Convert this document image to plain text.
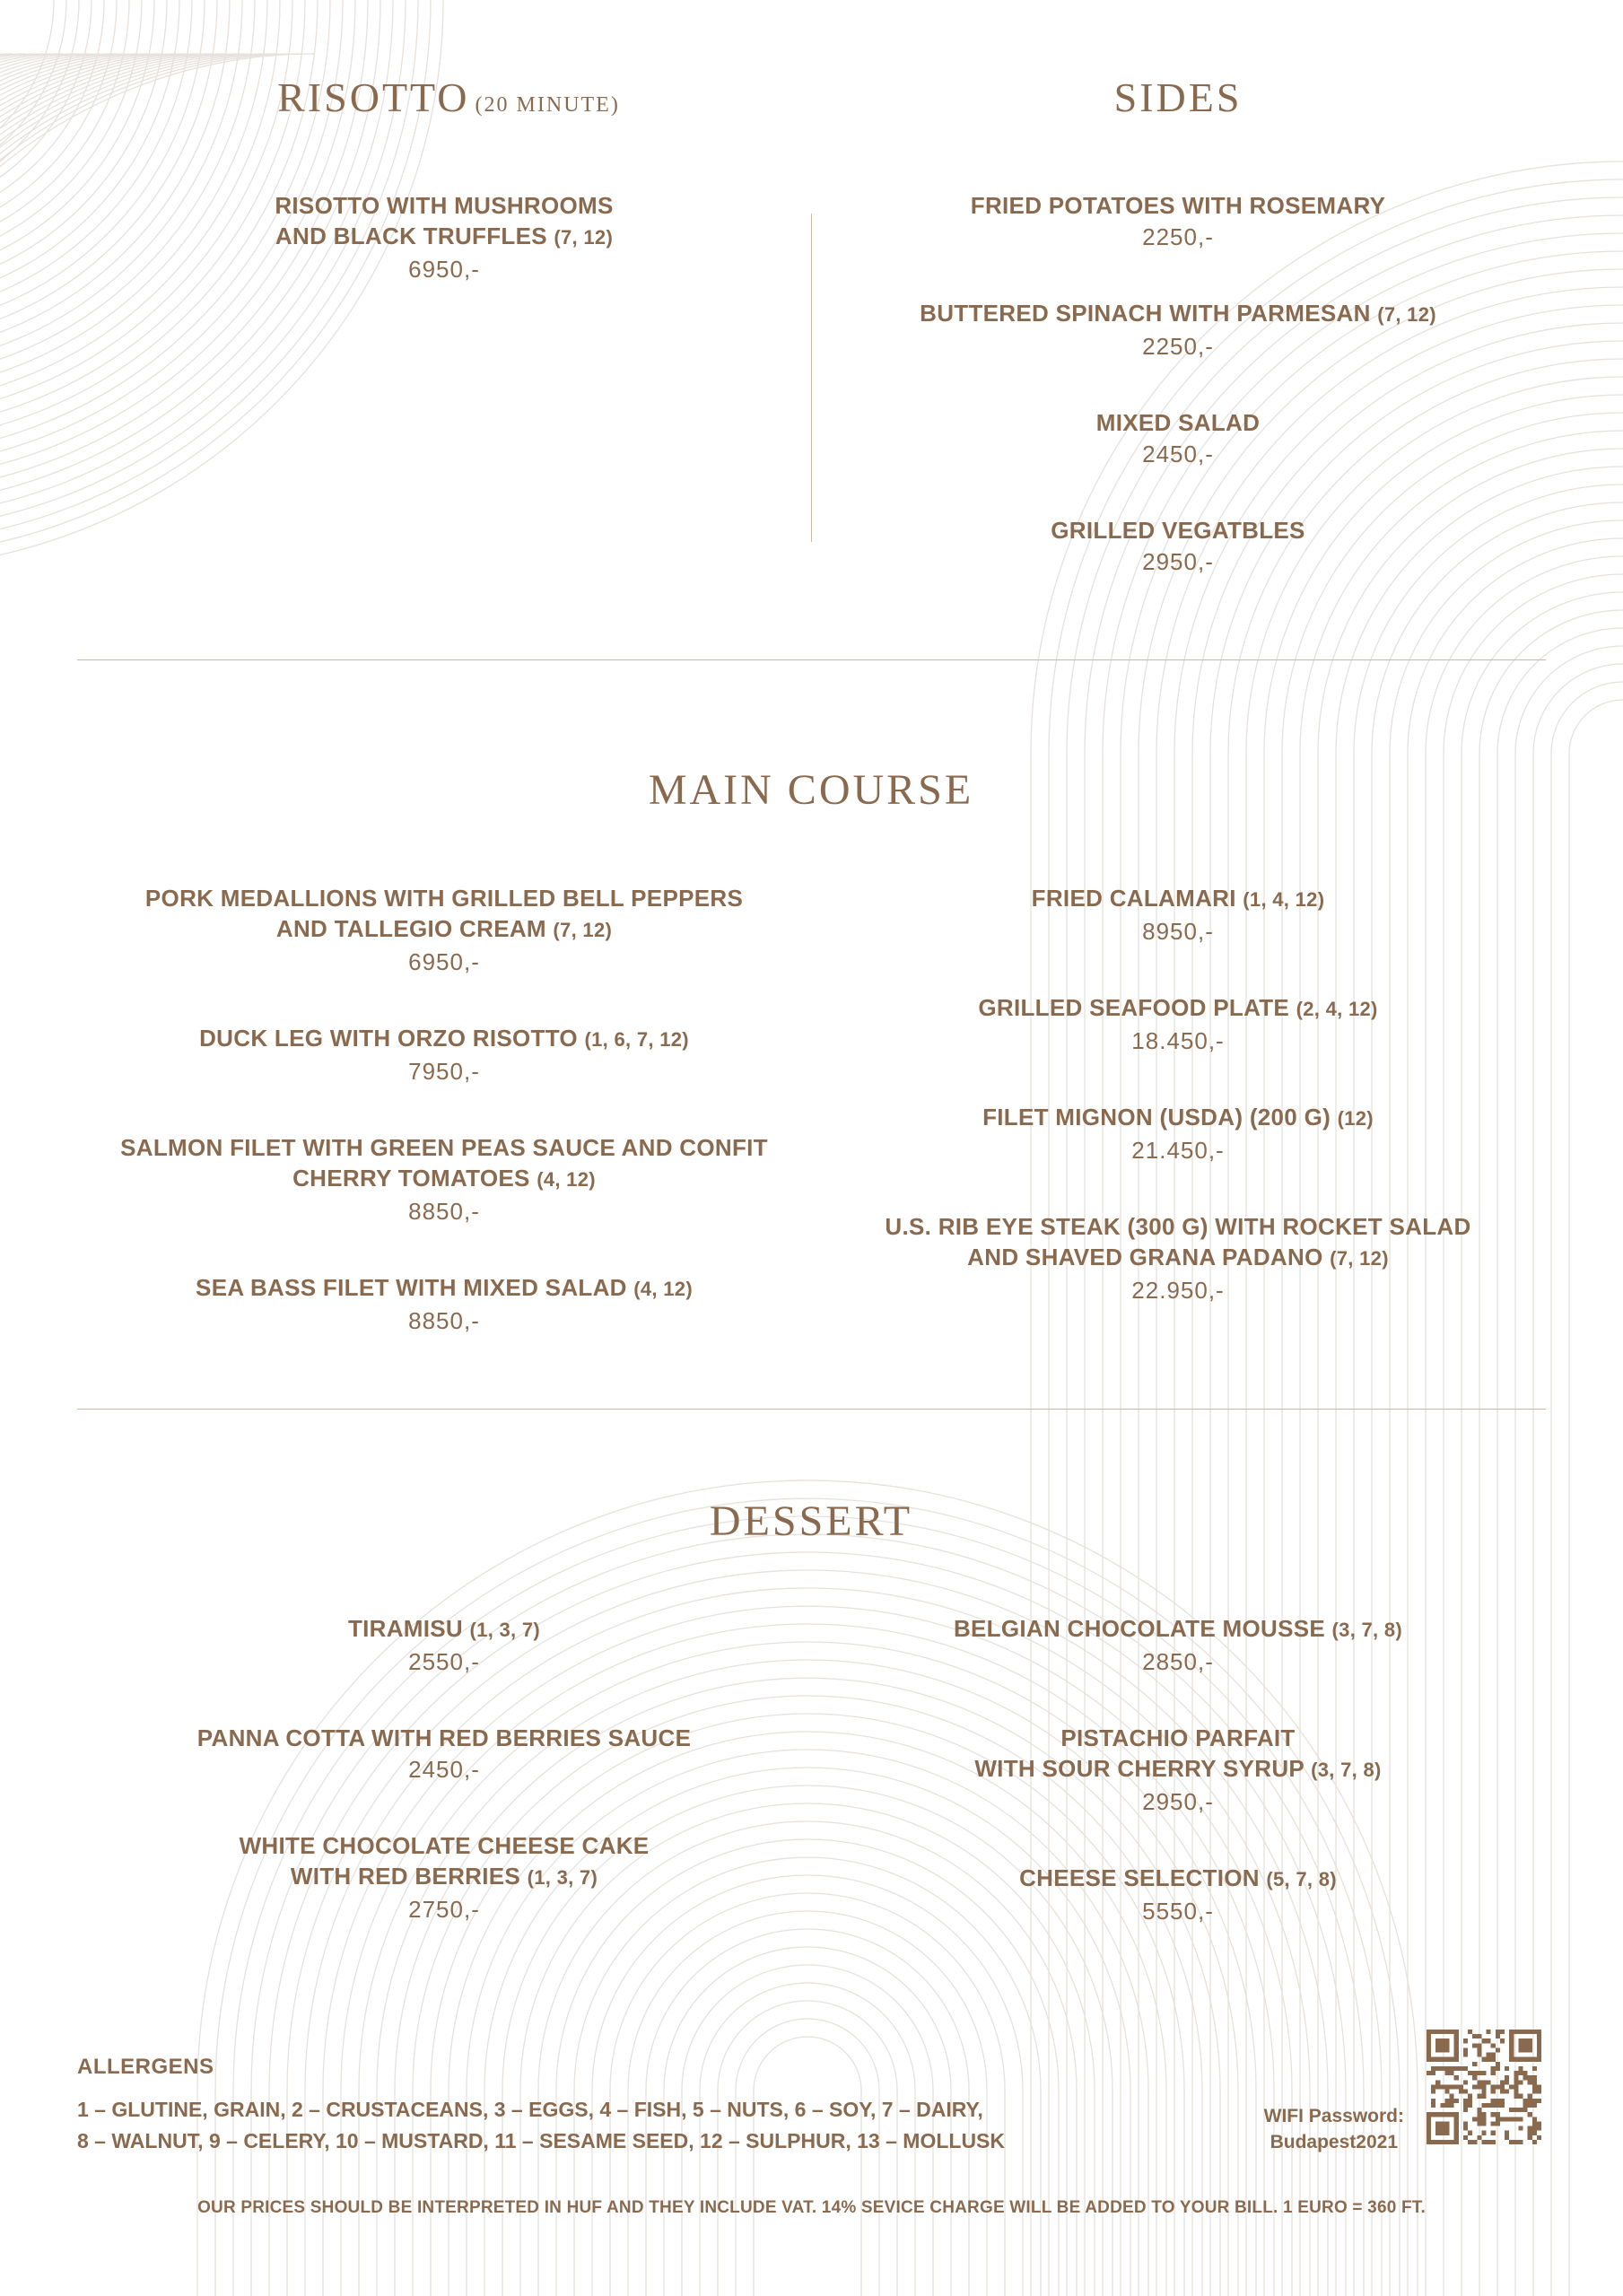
RISOTTO (20 MINUTE)
RISOTTO WITH MUSHROOMS
AND BLACK TRUFFLES (7, 12)
6950,-
SIDES
FRIED POTATOES WITH ROSEMARY
2250,-
BUTTERED SPINACH WITH PARMESAN (7, 12)
2250,-
MIXED SALAD
2450,-
GRILLED VEGATBLES
2950,-
MAIN COURSE
PORK MEDALLIONS WITH GRILLED BELL PEPPERS
AND TALLEGIO CREAM (7, 12)
6950,-
DUCK LEG WITH ORZO RISOTTO (1, 6, 7, 12)
7950,-
SALMON FILET WITH GREEN PEAS SAUCE AND CONFIT
CHERRY TOMATOES (4, 12)
8850,-
SEA BASS FILET WITH MIXED SALAD (4, 12)
8850,-
FRIED CALAMARI (1, 4, 12)
8950,-
GRILLED SEAFOOD PLATE (2, 4, 12)
18.450,-
FILET MIGNON (USDA) (200 G) (12)
21.450,-
U.S. RIB EYE STEAK (300 G) WITH ROCKET SALAD
AND SHAVED GRANA PADANO (7, 12)
22.950,-
DESSERT
TIRAMISU (1, 3, 7)
2550,-
PANNA COTTA WITH RED BERRIES SAUCE
2450,-
WHITE CHOCOLATE CHEESE CAKE
WITH RED BERRIES (1, 3, 7)
2750,-
BELGIAN CHOCOLATE MOUSSE (3, 7, 8)
2850,-
PISTACHIO PARFAIT
WITH SOUR CHERRY SYRUP (3, 7, 8)
2950,-
CHEESE SELECTION (5, 7, 8)
5550,-
ALLERGENS
1 – GLUTINE, GRAIN, 2 – CRUSTACEANS, 3 – EGGS, 4 – FISH, 5 – NUTS, 6 – SOY, 7 – DAIRY,
8 – WALNUT, 9 – CELERY, 10 – MUSTARD, 11 – SESAME SEED, 12 – SULPHUR, 13 – MOLLUSK
WIFI Password:
Budapest2021
OUR PRICES SHOULD BE INTERPRETED IN HUF AND THEY INCLUDE VAT. 14% SEVICE CHARGE WILL BE ADDED TO YOUR BILL. 1 EURO = 360 FT.
